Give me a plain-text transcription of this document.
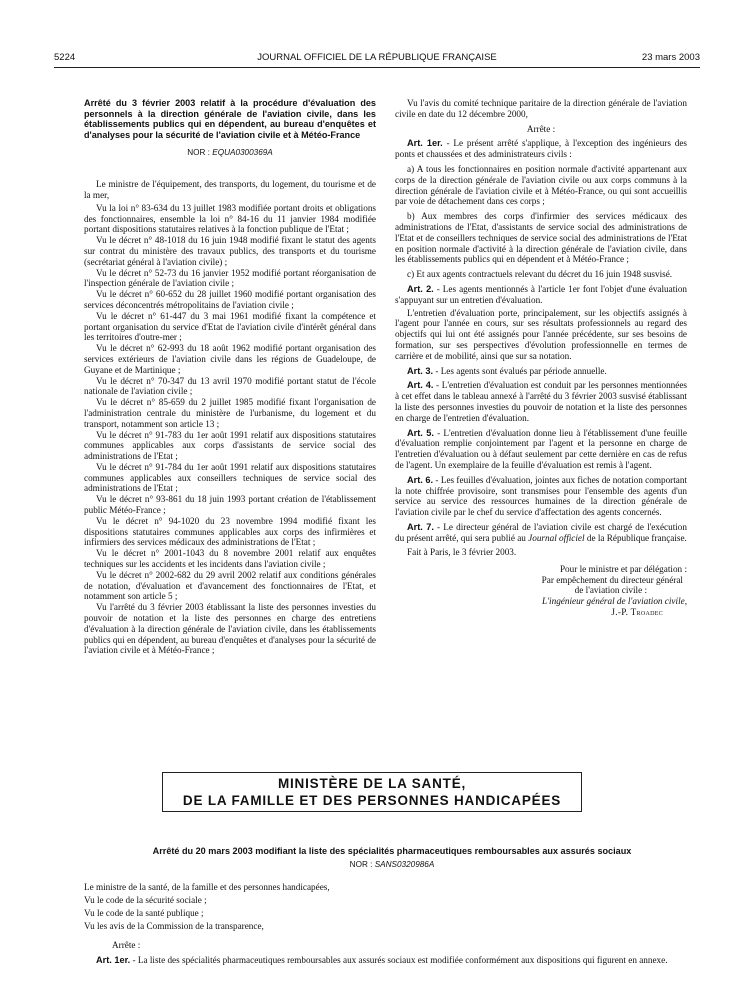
5224	JOURNAL OFFICIEL DE LA RÉPUBLIQUE FRANÇAISE	23 mars 2003
Arrêté du 3 février 2003 relatif à la procédure d'évaluation des personnels à la direction générale de l'aviation civile, dans les établissements publics qui en dépendent, au bureau d'enquêtes et d'analyses pour la sécurité de l'aviation civile et à Météo-France
NOR : EQUA0300369A

Le ministre de l'équipement, des transports, du logement, du tourisme et de la mer,

Vu la loi n° 83-634 du 13 juillet 1983 modifiée portant droits et obligations des fonctionnaires, ensemble la loi n° 84-16 du 11 janvier 1984 modifiée portant dispositions statutaires relatives à la fonction publique de l'Etat ;

Vu le décret n° 48-1018 du 16 juin 1948 modifié fixant le statut des agents sur contrat du ministère des travaux publics, des transports et du tourisme (secrétariat général à l'aviation civile) ;

Vu le décret n° 52-73 du 16 janvier 1952 modifié portant réorganisation de l'inspection générale de l'aviation civile ;

Vu le décret n° 60-652 du 28 juillet 1960 modifié portant organisation des services déconcentrés métropolitains de l'aviation civile ;

Vu le décret n° 61-447 du 3 mai 1961 modifié fixant la compétence et portant organisation du service d'Etat de l'aviation civile d'intérêt général dans les territoires d'outre-mer ;

Vu le décret n° 62-993 du 18 août 1962 modifié portant organisation des services extérieurs de l'aviation civile dans les régions de Guadeloupe, de Guyane et de Martinique ;

Vu le décret n° 70-347 du 13 avril 1970 modifié portant statut de l'école nationale de l'aviation civile ;

Vu le décret n° 85-659 du 2 juillet 1985 modifié fixant l'organisation de l'administration centrale du ministère de l'urbanisme, du logement et du transport, notamment son article 13 ;

Vu le décret n° 91-783 du 1er août 1991 relatif aux dispositions statutaires communes applicables aux corps d'assistants de service social des administrations de l'Etat ;

Vu le décret n° 91-784 du 1er août 1991 relatif aux dispositions statutaires communes applicables aux conseillers techniques de service social des administrations de l'Etat ;

Vu le décret n° 93-861 du 18 juin 1993 portant création de l'établissement public Météo-France ;

Vu le décret n° 94-1020 du 23 novembre 1994 modifié fixant les dispositions statutaires communes applicables aux corps des infirmières et infirmiers des services médicaux des administrations de l'Etat ;

Vu le décret n° 2001-1043 du 8 novembre 2001 relatif aux enquêtes techniques sur les accidents et les incidents dans l'aviation civile ;

Vu le décret n° 2002-682 du 29 avril 2002 relatif aux conditions générales de notation, d'évaluation et d'avancement des fonctionnaires de l'Etat, et notamment son article 5 ;

Vu l'arrêté du 3 février 2003 établissant la liste des personnes investies du pouvoir de notation et la liste des personnes en charge des entretiens d'évaluation à la direction générale de l'aviation civile, dans les établissements publics qui en dépendent, au bureau d'enquêtes et d'analyses pour la sécurité de l'aviation civile et à Météo-France ;

Vu l'avis du comité technique paritaire de la direction générale de l'aviation civile en date du 12 décembre 2000,

Arrête :

Art. 1er. - Le présent arrêté s'applique, à l'exception des ingénieurs des ponts et chaussées et des administrateurs civils :

a) A tous les fonctionnaires en position normale d'activité appartenant aux corps de la direction générale de l'aviation civile ou aux corps communs à la direction générale de l'aviation civile et à Météo-France, ou qui sont accueillis par voie de détachement dans ces corps ;

b) Aux membres des corps d'infirmier des services médicaux des administrations de l'Etat, d'assistants de service social des administrations de l'Etat et de conseillers techniques de service social des administrations de l'Etat en position normale d'activité à la direction générale de l'aviation civile, dans les établissements publics qui en dépendent et à Météo-France ;

c) Et aux agents contractuels relevant du décret du 16 juin 1948 susvisé.

Art. 2. - Les agents mentionnés à l'article 1er font l'objet d'une évaluation s'appuyant sur un entretien d'évaluation.

L'entretien d'évaluation porte, principalement, sur les objectifs assignés à l'agent pour l'année en cours, sur ses résultats professionnels au regard des objectifs qui lui ont été assignés pour l'année précédente, sur ses besoins de formation, sur ses perspectives d'évolution professionnelle en termes de carrière et de mobilité, ainsi que sur sa notation.

Art. 3. - Les agents sont évalués par période annuelle.

Art. 4. - L'entretien d'évaluation est conduit par les personnes mentionnées à cet effet dans le tableau annexé à l'arrêté du 3 février 2003 susvisé établissant la liste des personnes investies du pouvoir de notation et la liste des personnes en charge de l'entretien d'évaluation.

Art. 5. - L'entretien d'évaluation donne lieu à l'établissement d'une feuille d'évaluation remplie conjointement par l'agent et la personne en charge de l'entretien d'évaluation ou à défaut seulement par cette dernière en cas de refus de l'agent. Un exemplaire de la feuille d'évaluation est remis à l'agent.

Art. 6. - Les feuilles d'évaluation, jointes aux fiches de notation comportant la note chiffrée provisoire, sont transmises pour l'ensemble des agents d'un service au service des ressources humaines de la direction générale de l'aviation civile par le chef du service d'affectation des agents concernés.

Art. 7. - Le directeur général de l'aviation civile est chargé de l'exécution du présent arrêté, qui sera publié au Journal officiel de la République française.

Fait à Paris, le 3 février 2003.

Pour le ministre et par délégation :
Par empêchement du directeur général
de l'aviation civile :
L'ingénieur général de l'aviation civile,
J.-P. Troadec
MINISTÈRE DE LA SANTÉ,
DE LA FAMILLE ET DES PERSONNES HANDICAPÉES
Arrêté du 20 mars 2003 modifiant la liste des spécialités pharmaceutiques remboursables aux assurés sociaux
NOR : SANS0320986A

Le ministre de la santé, de la famille et des personnes handicapées,

Vu le code de la sécurité sociale ;

Vu le code de la santé publique ;

Vu les avis de la Commission de la transparence,

Arrête :

Art. 1er. - La liste des spécialités pharmaceutiques remboursables aux assurés sociaux est modifiée conformément aux dispositions qui figurent en annexe.
